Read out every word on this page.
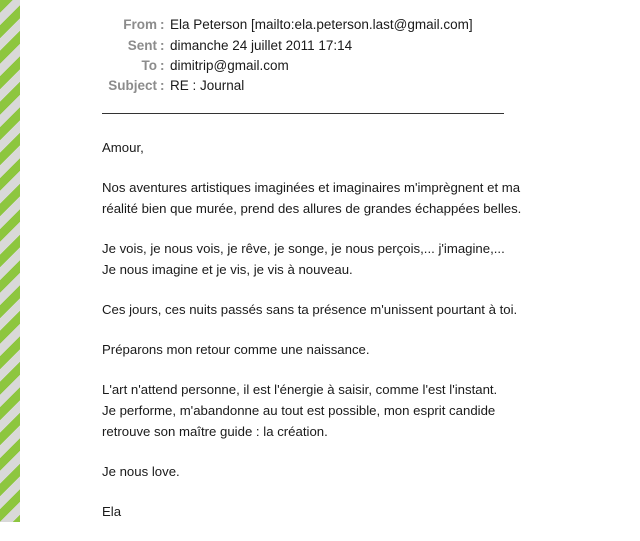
From : Ela Peterson [mailto:ela.peterson.last@gmail.com]
Sent : dimanche 24 juillet 2011 17:14
To : dimitrip@gmail.com
Subject : RE : Journal

Amour,

Nos aventures artistiques imaginées et imaginaires m'imprègnent et ma
réalité bien que murée, prend des allures de grandes échappées belles.

Je vois, je nous vois, je rêve, je songe, je nous perçois,... j'imagine,...
Je nous imagine et je vis, je vis à nouveau.

Ces jours, ces nuits passés sans ta présence m'unissent pourtant à toi.

Préparons mon retour comme une naissance.

L'art n'attend personne, il est l'énergie à saisir, comme l'est l'instant.
Je performe, m'abandonne au tout est possible, mon esprit candide
retrouve son maître guide : la création.

Je nous love.

Ela
